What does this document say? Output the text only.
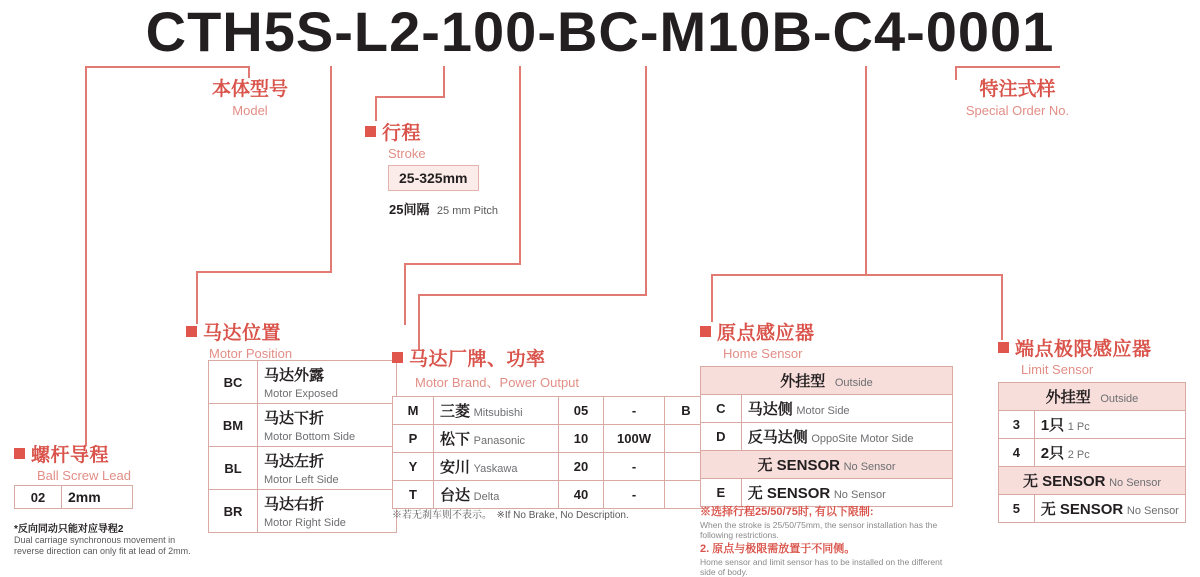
CTH5S-L2-100-BC-M10B-C4-0001
本体型号
Model
特注式样
Special Order No.
行程
Stroke
25-325mm
25间隔 25 mm Pitch
螺杆导程
Ball Screw Lead
02	2mm
*反向同动只能对应导程2
Dual carriage synchronous movement in reverse direction can only fit at lead of 2mm.
马达位置
Motor Position
BC	马达外露
Motor Exposed
BM	马达下折
Motor Bottom Side
BL	马达左折
Motor Left Side
BR	马达右折
Motor Right Side
马达厂牌、功率
Motor Brand、Power Output
M	三菱 Mitsubishi	05	-	B
P	松下 Panasonic	10	100W	
Y	安川 Yaskawa	20	-	
T	台达 Delta	40	-	
※若无刹车则不表示。 ※If No Brake, No Description.
原点感应器
Home Sensor
外挂型 Outside	
C	马达侧 Motor Side
D	反马达侧 OppoSite Motor Side
无 SENSOR No Sensor	
E	无 SENSOR No Sensor
※选择行程25/50/75时, 有以下限制:
When the stroke is 25/50/75mm, the sensor installation has the following restrictions.
2. 原点与极限需放置于不同侧。
Home sensor and limit sensor has to be installed on the different side of body.
端点极限感应器
Limit Sensor
外挂型 Outside	
3	1只 1 Pc
4	2只 2 Pc
无 SENSOR No Sensor	
5	无 SENSOR No Sensor
